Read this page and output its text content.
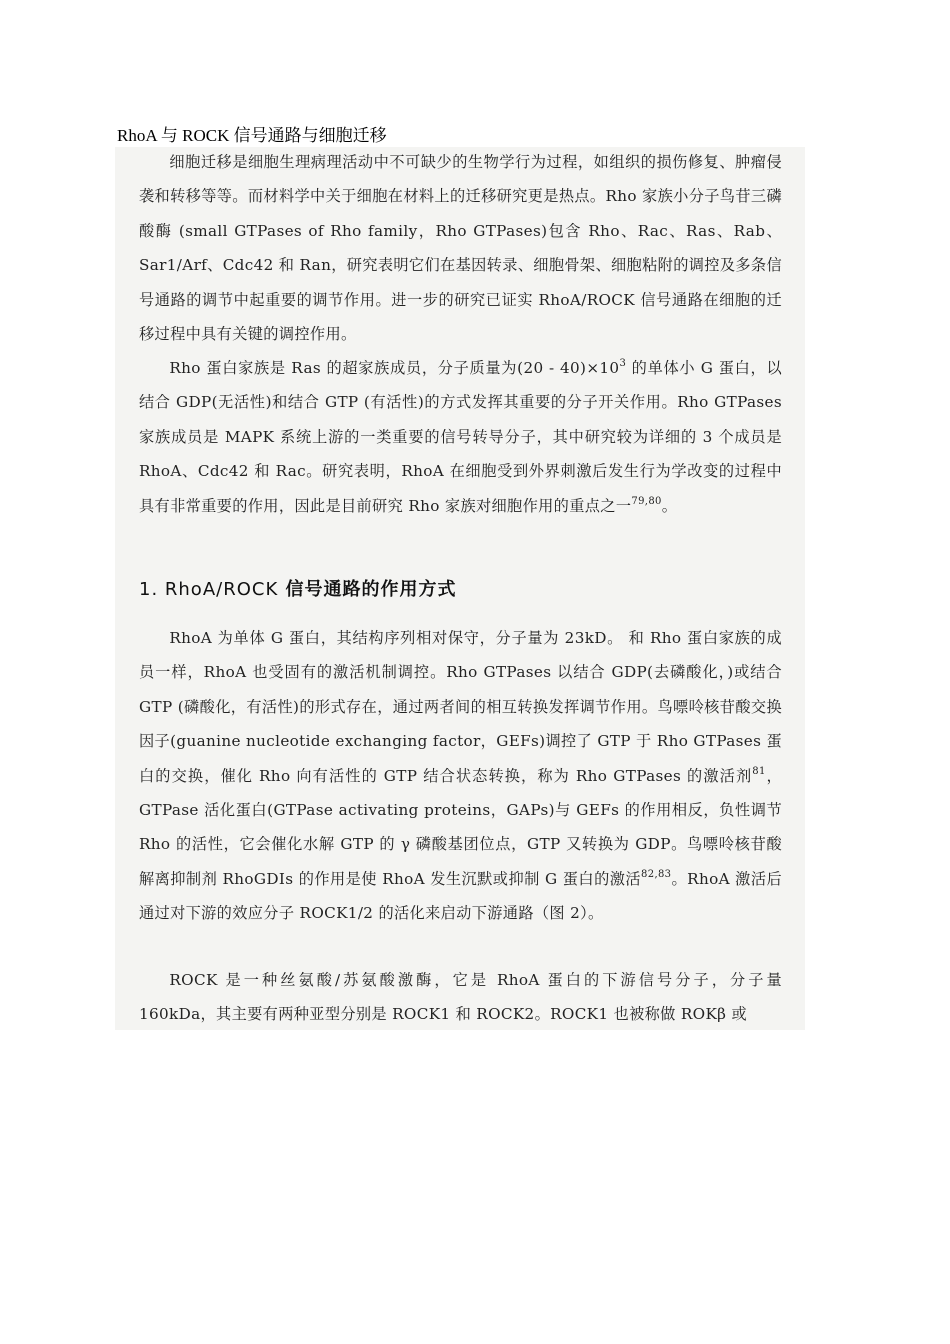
RhoA 与 ROCK 信号通路与细胞迁移

细胞迁移是细胞生理病理活动中不可缺少的生物学行为过程，如组织的损伤修复、肿瘤侵袭和转移等等。而材料学中关于细胞在材料上的迁移研究更是热点。Rho 家族小分子鸟苷三磷酸酶 (small GTPases of Rho family，Rho GTPases)包含 Rho、Rac、Ras、Rab、Sar1/Arf、Cdc42 和 Ran，研究表明它们在基因转录、细胞骨架、细胞粘附的调控及多条信号通路的调节中起重要的调节作用。进一步的研究已证实 RhoA/ROCK 信号通路在细胞的迁移过程中具有关键的调控作用。

Rho 蛋白家族是 Ras 的超家族成员，分子质量为$(20 - 40)\times 10^3$ 的单体小 G 蛋白，以结合 GDP(无活性)和结合 GTP (有活性)的方式发挥其重要的分子开关作用。Rho GTPases 家族成员是 MAPK 系统上游的一类重要的信号转导分子，其中研究较为详细的 3 个成员是 RhoA、Cdc42 和 Rac。研究表明，RhoA 在细胞受到外界刺激后发生行为学改变的过程中具有非常重要的作用，因此是目前研究 Rho 家族对细胞作用的重点之一$^{79,80}$。

1. RhoA/ROCK 信号通路的作用方式

RhoA 为单体 G 蛋白，其结构序列相对保守，分子量为 23kD。 和 Rho 蛋白家族的成员一样，RhoA 也受固有的激活机制调控。Rho GTPases 以结合 GDP(去磷酸化，)或结合 GTP (磷酸化，有活性)的形式存在，通过两者间的相互转换发挥调节作用。鸟嘌呤核苷酸交换因子(guanine nucleotide exchanging factor，GEFs)调控了 GTP 于 Rho GTPases 蛋白的交换，催化 Rho 向有活性的 GTP 结合状态转换，称为 Rho GTPases 的激活剂$^{81}$，GTPase 活化蛋白(GTPase activating proteins，GAPs)与 GEFs 的作用相反，负性调节 Rho 的活性，它会催化水解 GTP 的 γ 磷酸基团位点，GTP 又转换为 GDP。鸟嘌呤核苷酸解离抑制剂 RhoGDIs 的作用是使 RhoA 发生沉默或抑制 G 蛋白的激活$^{82,83}$。RhoA 激活后通过对下游的效应分子 ROCK1/2 的活化来启动下游通路（图 2）。

ROCK 是一种丝氨酸/苏氨酸激酶，它是 RhoA 蛋白的下游信号分子，分子量 160kDa，其主要有两种亚型分别是 ROCK1 和 ROCK2。ROCK1 也被称做 ROKβ 或
